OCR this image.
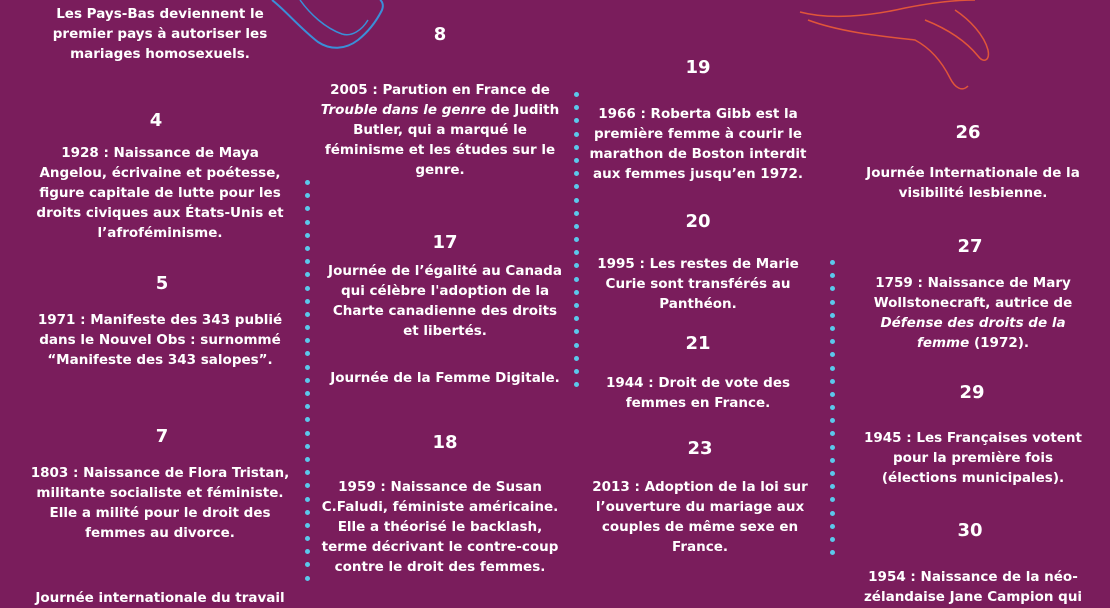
Les Pays-Bas deviennent le
premier pays à autoriser les
mariages homosexuels.
4
1928 : Naissance de Maya
Angelou, écrivaine et poétesse,
figure capitale de lutte pour les
droits civiques aux États-Unis et
l’afroféminisme.
5
1971 : Manifeste des 343 publié
dans le Nouvel Obs : surnommé
“Manifeste des 343 salopes”.
7
1803 : Naissance de Flora Tristan,
militante socialiste et féministe.
Elle a milité pour le droit des
femmes au divorce.
Journée internationale du travail
8
2005 : Parution en France de
Trouble dans le genre de Judith
Butler, qui a marqué le
féminisme et les études sur le
genre.
17
Journée de l’égalité au Canada
qui célèbre l'adoption de la
Charte canadienne des droits
et libertés.
Journée de la Femme Digitale.
18
1959 : Naissance de Susan
C.Faludi, féministe américaine.
Elle a théorisé le backlash,
terme décrivant le contre-coup
contre le droit des femmes.
19
1966 : Roberta Gibb est la
première femme à courir le
marathon de Boston interdit
aux femmes jusqu’en 1972.
20
1995 : Les restes de Marie
Curie sont transférés au
Panthéon.
21
1944 : Droit de vote des
femmes en France.
23
2013 : Adoption de la loi sur
l’ouverture du mariage aux
couples de même sexe en
France.
26
Journée Internationale de la
visibilité lesbienne.
27
1759 : Naissance de Mary
Wollstonecraft, autrice de
Défense des droits de la
femme (1972).
29
1945 : Les Françaises votent
pour la première fois
(élections municipales).
30
1954 : Naissance de la néo-
zélandaise Jane Campion qui
